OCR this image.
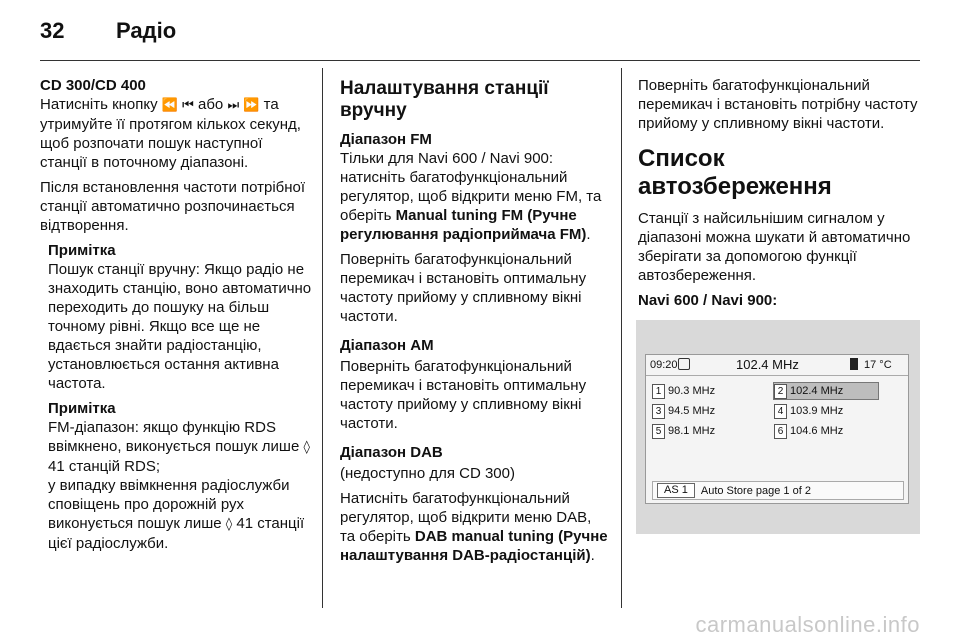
32 Радіо
CD 300/CD 400

Натисніть кнопку ⏪ ⏮ або ⏭ ⏩ та утримуйте її протягом кількох секунд, щоб розпочати пошук наступної станції в поточному діапазоні.

Після встановлення частоти потрібної станції автоматично розпочинається відтворення.

Примітка

Пошук станції вручну: Якщо радіо не знаходить станцію, воно автоматично переходить до пошуку на більш точному рівні. Якщо все ще не вдається знайти радіостанцію, установлюється остання активна частота.

Примітка

FM-діапазон: якщо функцію RDS ввімкнено, виконується пошук лише ◊ 41 станцій RDS;
у випадку ввімкнення радіослужби сповіщень про дорожній рух виконується пошук лише ◊ 41 станції цієї радіослужби.

Налаштування станції вручну
Діапазон FM

Тільки для Navi 600 / Navi 900: натисніть багатофункціональний регулятор, щоб відкрити меню FM, та оберіть Manual tuning FM (Ручне регулювання радіоприймача FM).

Поверніть багатофункціональний перемикач і встановіть оптимальну частоту прийому у спливному вікні частоти.

Діапазон AM

Поверніть багатофункціональний перемикач і встановіть оптимальну частоту прийому у спливному вікні частоти.

Діапазон DAB

(недоступно для CD 300)

Натисніть багатофункціональний регулятор, щоб відкрити меню DAB, та оберіть DAB manual tuning (Ручне налаштування DAB-радіостанцій).

Поверніть багатофункціональний перемикач і встановіть потрібну частоту прийому у спливному вікні частоти.

Список автозбереження

Станції з найсильнішим сигналом у діапазоні можна шукати й автоматично зберігати за допомогою функції автозбереження.

Navi 600 / Navi 900:
09:20	102.4 MHz	17 °C
1 90.3 MHz	2 102.4 MHz
3 94.5 MHz	4 103.9 MHz
5 98.1 MHz	6 104.6 MHz
AS 1	Auto Store page 1 of 2
carmanualsonline.info
